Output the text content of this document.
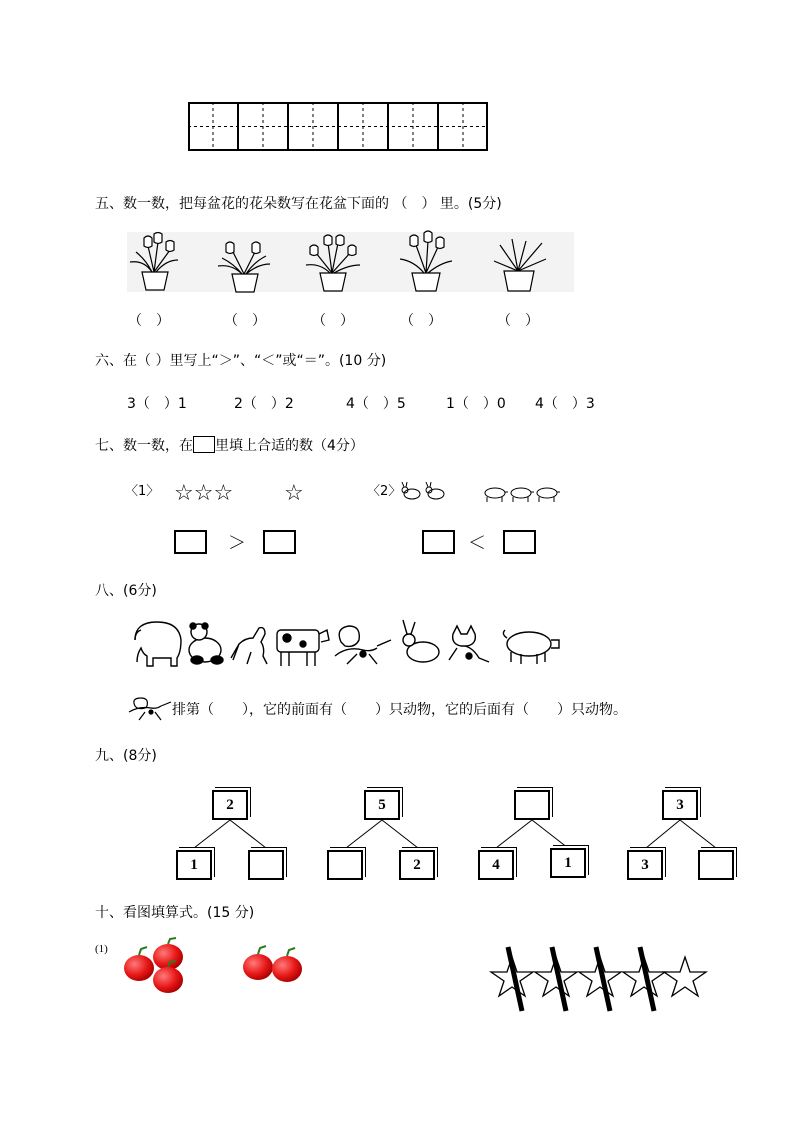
五、数一数，把每盆花的花朵数写在花盆下面的 （　） 里。(5分)
（　）	（　）	（　）	（　）	（　）
六、在（ ）里写上“＞”、“＜”或“＝”。(10 分)
3（　）1	2（　）2	4（　）5	1（　）0 4（　）3
七、数一数，在 里填上合适的数（4分）
〈1〉 ☆☆☆ ☆	〈2〉
＞	＜
八、(6分)
排第（　　），它的前面有（　　）只动物，它的后面有（　　）只动物。
九、(8分)
2
1
5
2	4	1
3
3
十、看图填算式。(15 分)
(1)
